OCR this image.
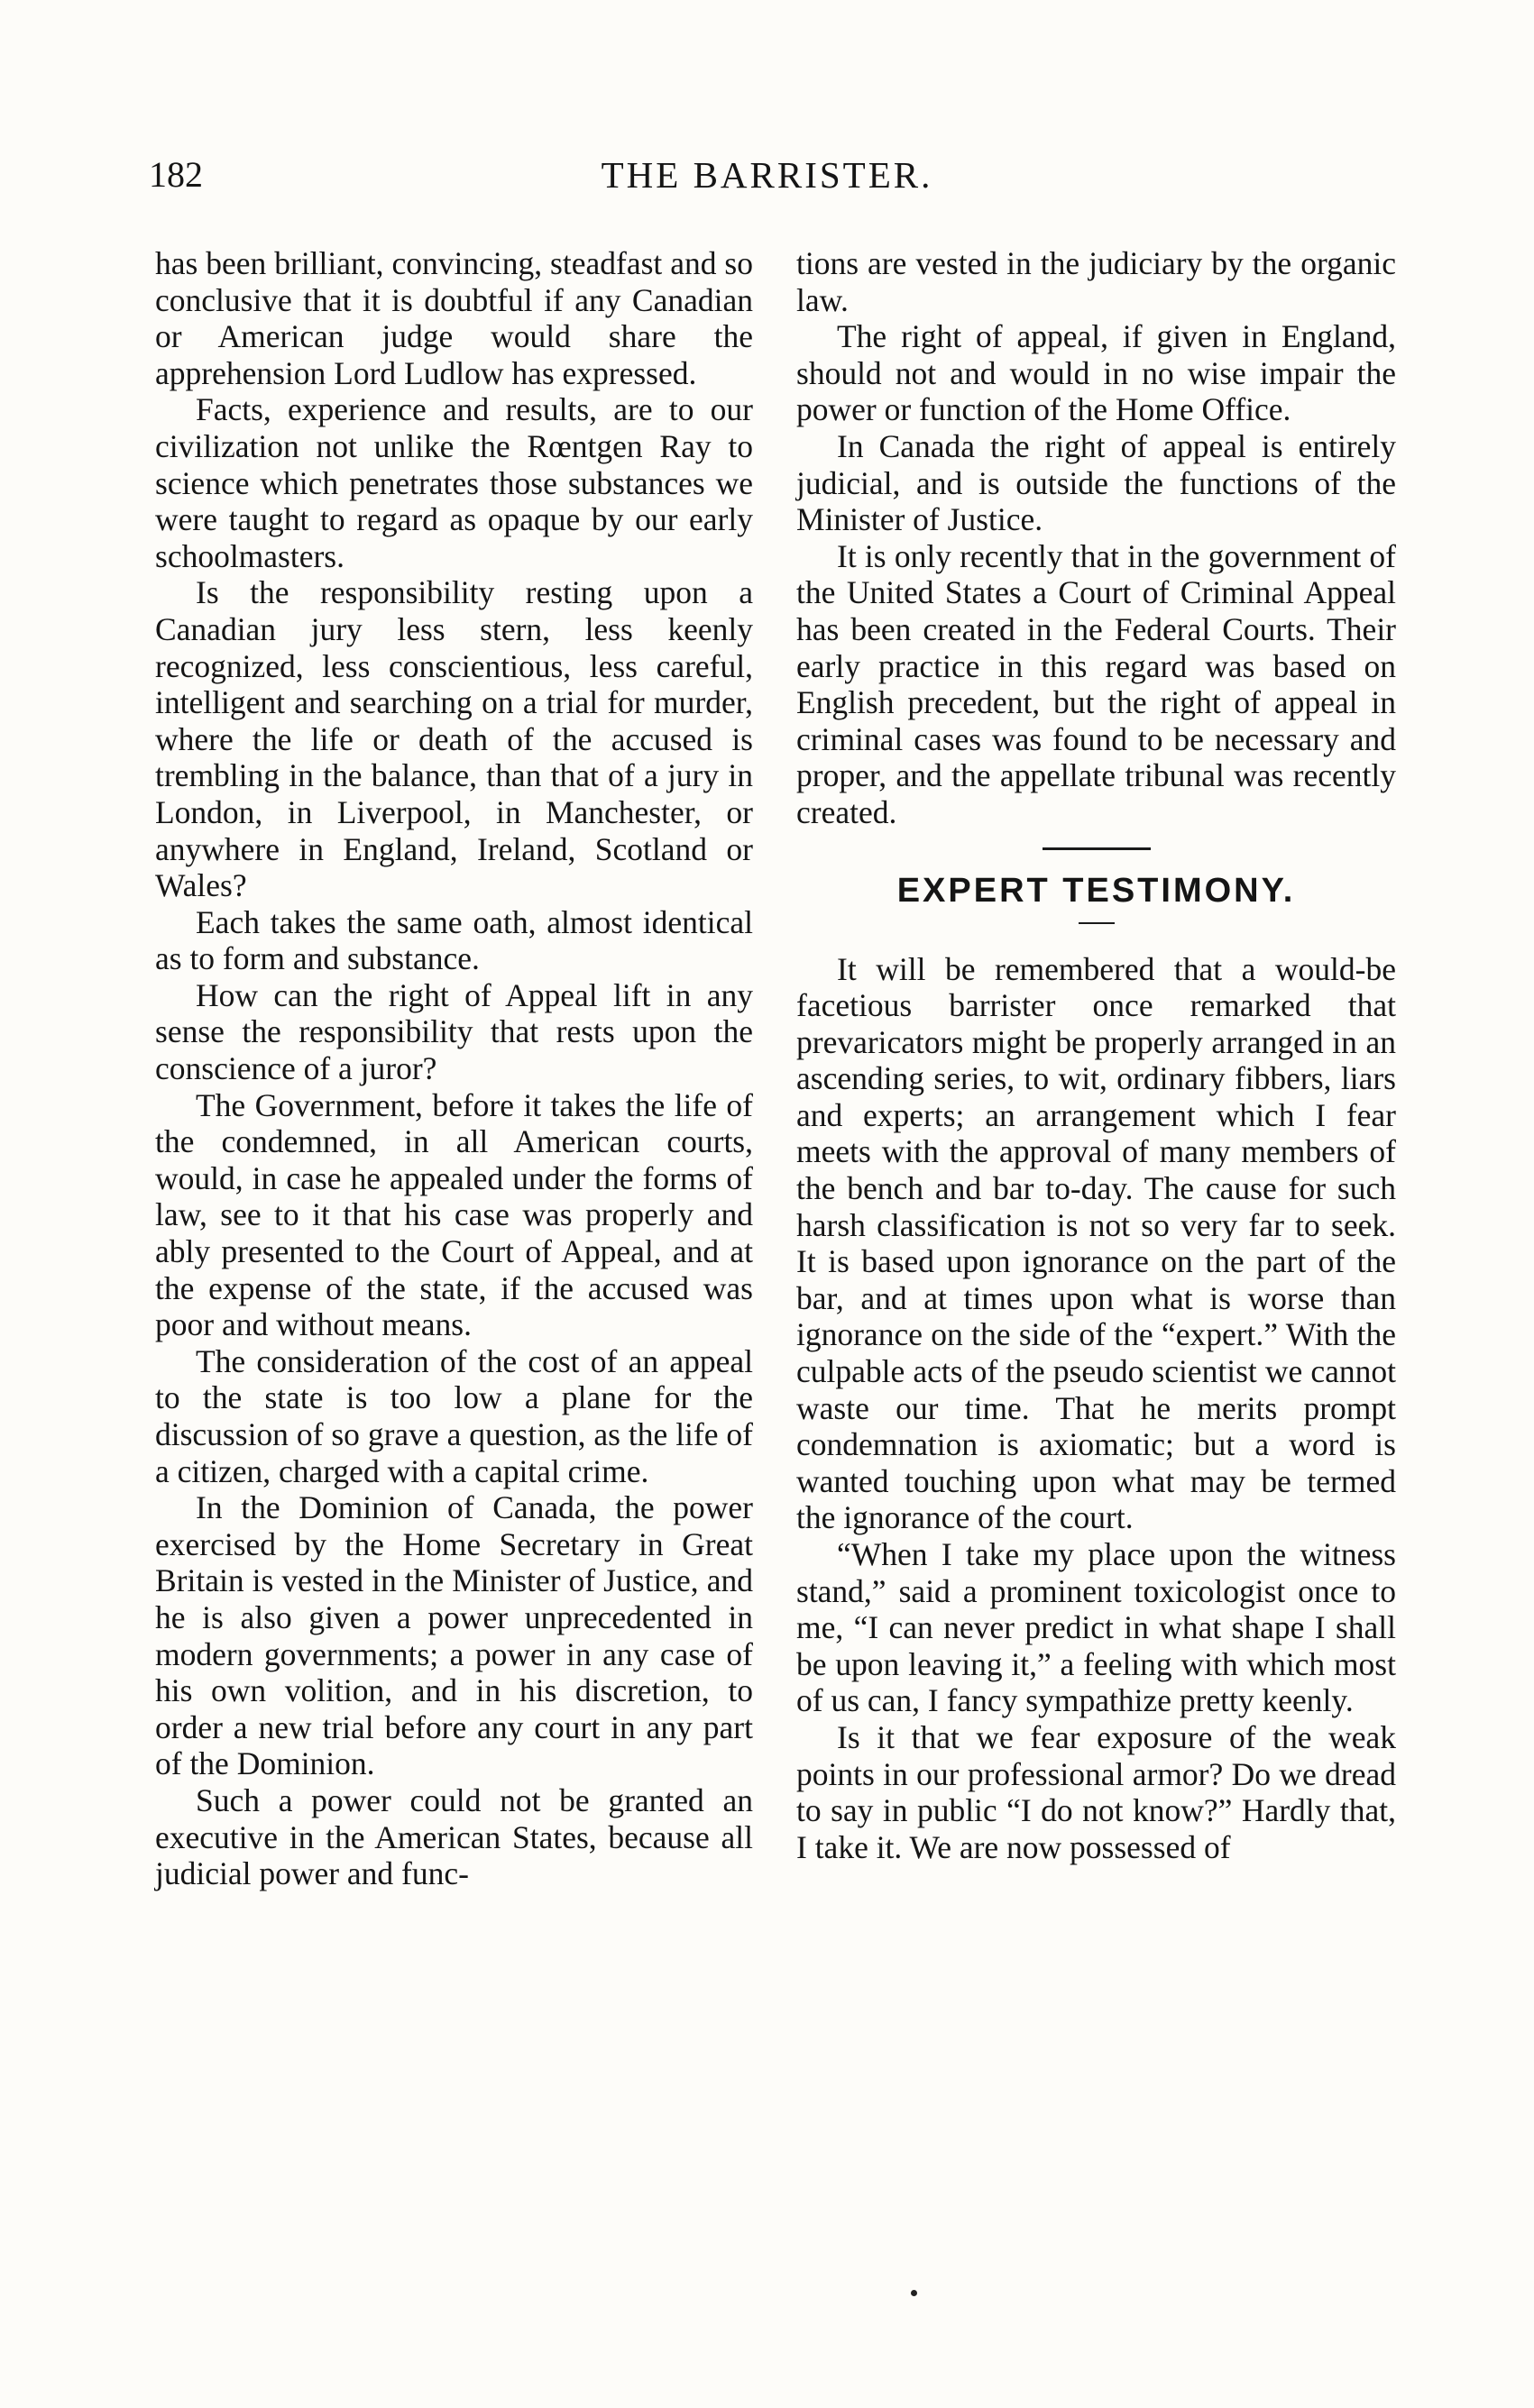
182	THE BARRISTER.

has been brilliant, convincing, steadfast and so conclusive that it is doubtful if any Canadian or American judge would share the apprehension Lord Ludlow has expressed.

Facts, experience and results, are to our civilization not unlike the Rœntgen Ray to science which penetrates those substances we were taught to regard as opaque by our early schoolmasters.

Is the responsibility resting upon a Canadian jury less stern, less keenly recognized, less conscientious, less careful, intelligent and searching on a trial for murder, where the life or death of the accused is trembling in the balance, than that of a jury in London, in Liverpool, in Manchester, or anywhere in England, Ireland, Scotland or Wales?

Each takes the same oath, almost identical as to form and substance.

How can the right of Appeal lift in any sense the responsibility that rests upon the conscience of a juror?

The Government, before it takes the life of the condemned, in all American courts, would, in case he appealed under the forms of law, see to it that his case was properly and ably presented to the Court of Appeal, and at the expense of the state, if the accused was poor and without means.

The consideration of the cost of an appeal to the state is too low a plane for the discussion of so grave a question, as the life of a citizen, charged with a capital crime.

In the Dominion of Canada, the power exercised by the Home Secretary in Great Britain is vested in the Minister of Justice, and he is also given a power unprecedented in modern governments; a power in any case of his own volition, and in his discretion, to order a new trial before any court in any part of the Dominion.

Such a power could not be granted an executive in the American States, because all judicial power and func-

tions are vested in the judiciary by the organic law.

The right of appeal, if given in England, should not and would in no wise impair the power or function of the Home Office.

In Canada the right of appeal is entirely judicial, and is outside the functions of the Minister of Justice.

It is only recently that in the government of the United States a Court of Criminal Appeal has been created in the Federal Courts. Their early practice in this regard was based on English precedent, but the right of appeal in criminal cases was found to be necessary and proper, and the appellate tribunal was recently created.

EXPERT TESTIMONY.

It will be remembered that a would-be facetious barrister once remarked that prevaricators might be properly arranged in an ascending series, to wit, ordinary fibbers, liars and experts; an arrangement which I fear meets with the approval of many members of the bench and bar to-day. The cause for such harsh classification is not so very far to seek. It is based upon ignorance on the part of the bar, and at times upon what is worse than ignorance on the side of the “expert.” With the culpable acts of the pseudo scientist we cannot waste our time. That he merits prompt condemnation is axiomatic; but a word is wanted touching upon what may be termed the ignorance of the court.

“When I take my place upon the witness stand,” said a prominent toxicologist once to me, “I can never predict in what shape I shall be upon leaving it,” a feeling with which most of us can, I fancy sympathize pretty keenly.

Is it that we fear exposure of the weak points in our professional armor? Do we dread to say in public “I do not know?” Hardly that, I take it. We are now possessed of
